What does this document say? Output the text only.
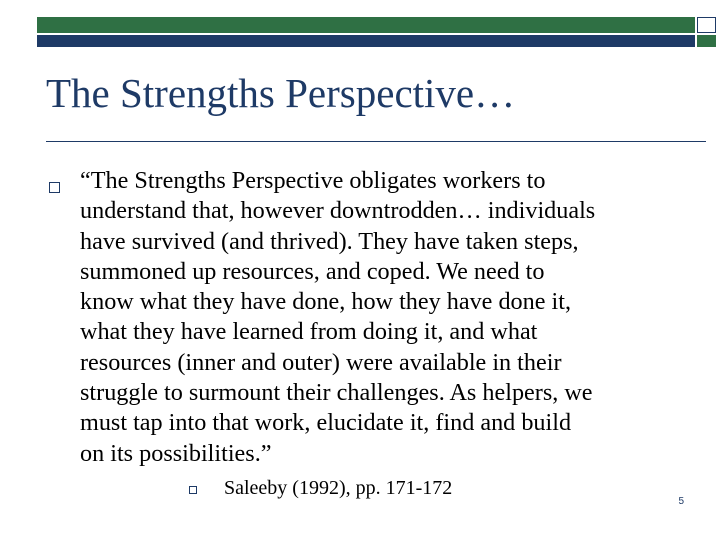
The Strengths Perspective…

“The Strengths Perspective obligates workers to
understand that, however downtrodden… individuals
have survived (and thrived). They have taken steps,
summoned up resources, and coped. We need to
know what they have done, how they have done it,
what they have learned from doing it, and what
resources (inner and outer) were available in their
struggle to surmount their challenges. As helpers, we
must tap into that work, elucidate it, find and build
on its possibilities.”

Saleeby (1992), pp. 171-172
5
